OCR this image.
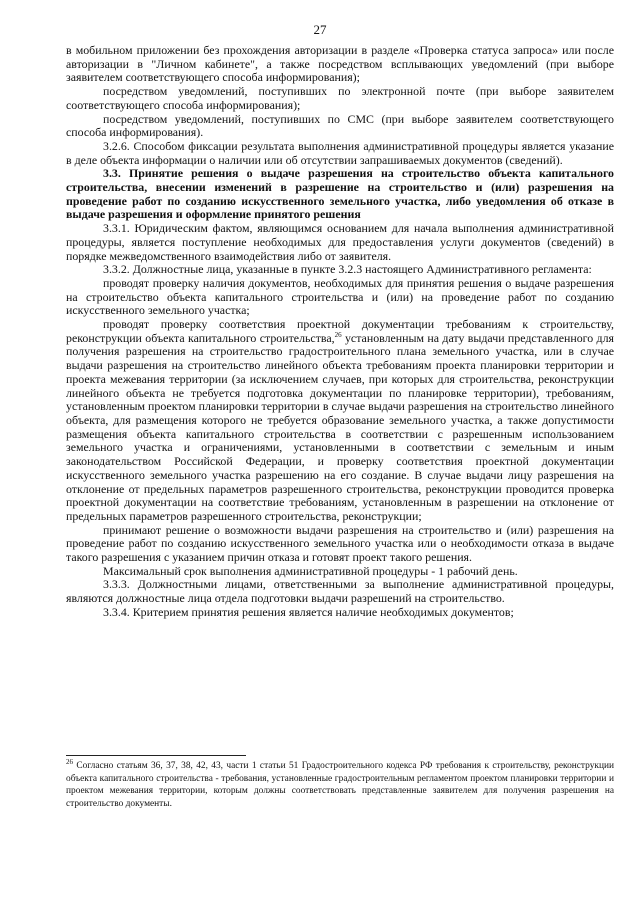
27

в мобильном приложении без прохождения авторизации в разделе «Проверка статуса запроса» или после авторизации в "Личном кабинете", а также посредством всплывающих уведомлений (при выборе заявителем соответствующего способа информирования);

посредством уведомлений, поступивших по электронной почте (при выборе заявителем соответствующего способа информирования);

посредством уведомлений, поступивших по СМС (при выборе заявителем соответствующего способа информирования).

3.2.6. Способом фиксации результата выполнения административной процедуры является указание в деле объекта информации о наличии или об отсутствии запрашиваемых документов (сведений).

3.3. Принятие решения о выдаче разрешения на строительство объекта капитального строительства, внесении изменений в разрешение на строительство и (или) разрешения на проведение работ по созданию искусственного земельного участка, либо уведомления об отказе в выдаче разрешения и оформление принятого решения

3.3.1. Юридическим фактом, являющимся основанием для начала выполнения административной процедуры, является поступление необходимых для предоставления услуги документов (сведений) в порядке межведомственного взаимодействия либо от заявителя.

3.3.2. Должностные лица, указанные в пункте 3.2.3 настоящего Административного регламента:

проводят проверку наличия документов, необходимых для принятия решения о выдаче разрешения на строительство объекта капитального строительства и (или) на проведение работ по созданию искусственного земельного участка;

проводят проверку соответствия проектной документации требованиям к строительству, реконструкции объекта капитального строительства,$^{26}$ установленным на дату выдачи представленного для получения разрешения на строительство градостроительного плана земельного участка, или в случае выдачи разрешения на строительство линейного объекта требованиям проекта планировки территории и проекта межевания территории (за исключением случаев, при которых для строительства, реконструкции линейного объекта не требуется подготовка документации по планировке территории), требованиям, установленным проектом планировки территории в случае выдачи разрешения на строительство линейного объекта, для размещения которого не требуется образование земельного участка, а также допустимости размещения объекта капитального строительства в соответствии с разрешенным использованием земельного участка и ограничениями, установленными в соответствии с земельным и иным законодательством Российской Федерации, и проверку соответствия проектной документации искусственного земельного участка разрешению на его создание. В случае выдачи лицу разрешения на отклонение от предельных параметров разрешенного строительства, реконструкции проводится проверка проектной документации на соответствие требованиям, установленным в разрешении на отклонение от предельных параметров разрешенного строительства, реконструкции;

принимают решение о возможности выдачи разрешения на строительство и (или) разрешения на проведение работ по созданию искусственного земельного участка или о необходимости отказа в выдаче такого разрешения с указанием причин отказа и готовят проект такого решения.

Максимальный срок выполнения административной процедуры - 1 рабочий день.

3.3.3. Должностными лицами, ответственными за выполнение административной процедуры, являются должностные лица отдела подготовки выдачи разрешений на строительство.

3.3.4. Критерием принятия решения является наличие необходимых документов;

$^{26}$ Согласно статьям 36, 37, 38, 42, 43, части 1 статьи 51 Градостроительного кодекса РФ требования к строительству, реконструкции объекта капитального строительства - требования, установленные градостроительным регламентом проектом планировки территории и проектом межевания территории, которым должны соответствовать представленные заявителем для получения разрешения на строительство документы.
